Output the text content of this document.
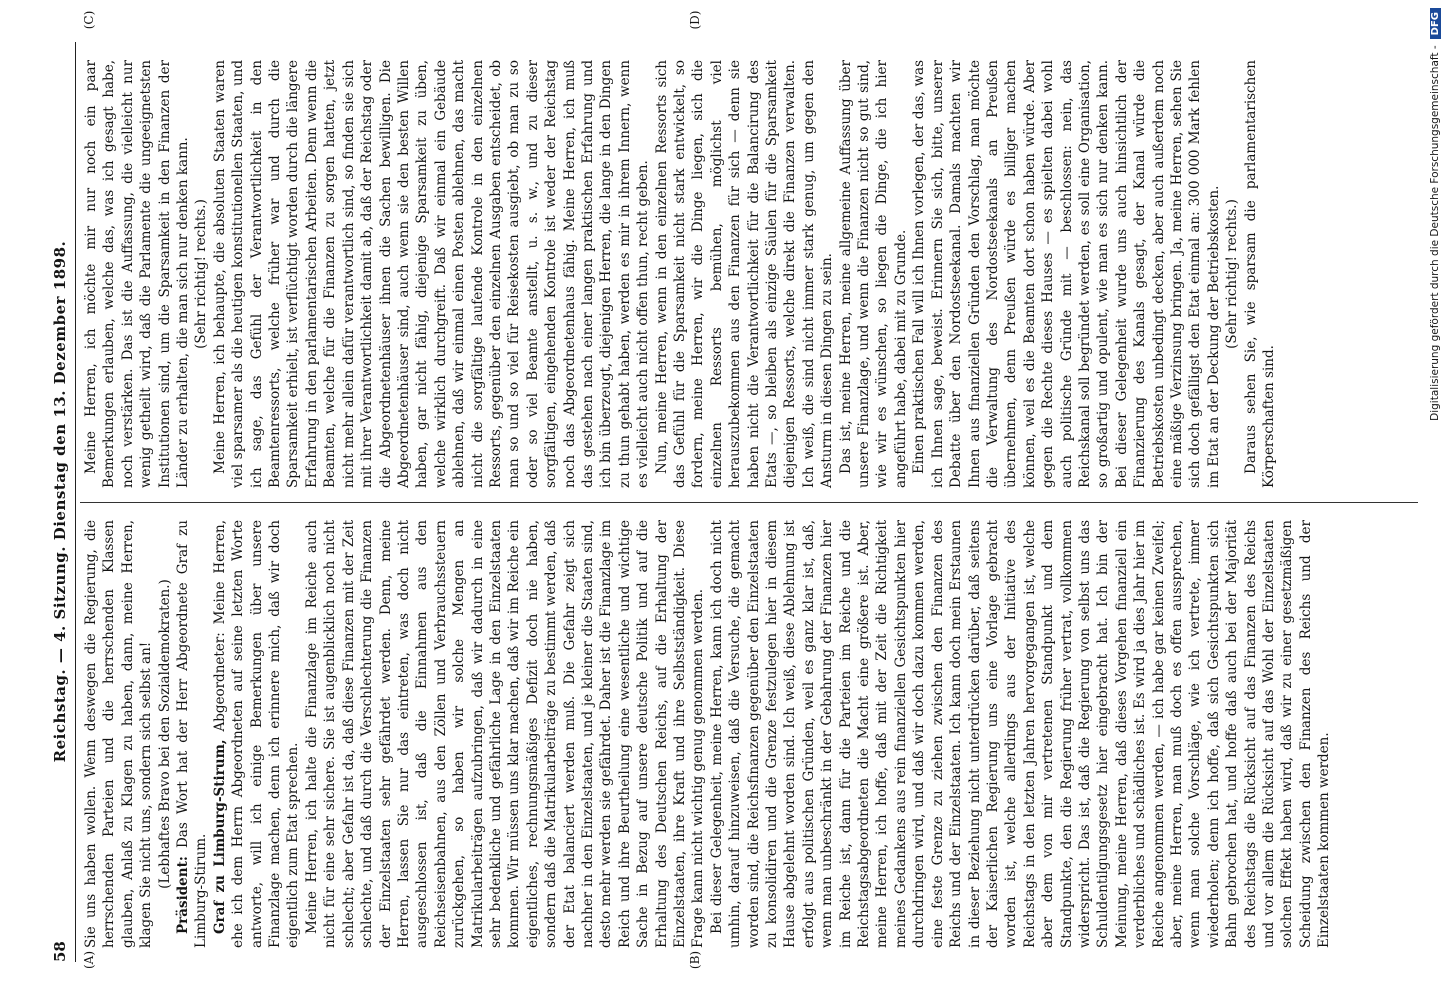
58
Reichstag. — 4. Sitzung. Dienstag den 13. Dezember 1898.
(A)	(B)
(C)	(D)

Sie uns haben wollen. Wenn deswegen die Regierung, die herrschenden Parteien und die herrschenden Klassen glauben, Anlaß zu Klagen zu haben, dann, meine Herren, klagen Sie nicht uns, sondern sich selbst an! (Lebhaftes Bravo bei den Sozialdemokraten.)

Präsident: Das Wort hat der Herr Abgeordnete Graf zu Limburg-Stirum. Graf zu Limburg-Stirum, Abgeordneter: Meine Herren, ehe ich dem Herrn Abgeordneten auf seine letzten Worte antworte, will ich einige Bemerkungen über unsere Finanzlage machen, denn ich erinnere mich, daß wir doch eigentlich zum Etat sprechen. Meine Herren, ich halte die Finanzlage im Reiche auch nicht für eine sehr sichere. Sie ist augenblicklich noch nicht schlecht; aber Gefahr ist da, daß diese Finanzen mit der Zeit schlechte, und daß durch die Verschlechterung die Finanzen der Einzelstaaten sehr gefährdet werden. Denn, meine Herren, lassen Sie nur das eintreten, was doch nicht ausgeschlossen ist, daß die Einnahmen aus den Reichseisenbahnen, aus den Zöllen und Verbrauchssteuern zurückgehen, so haben wir solche Mengen an Matrikularbeiträgen aufzubringen, daß wir dadurch in eine sehr bedenkliche und gefährliche Lage in den Einzelstaaten kommen. Wir müssen uns klar machen, daß wir im Reiche ein eigentliches, rechnungsmäßiges Defizit doch nie haben, sondern daß die Matrikularbeiträge zu bestimmt werden, daß der Etat balanciert werden muß. Die Gefahr zeigt sich nachher in den Einzelstaaten, und je kleiner die Staaten sind, desto mehr werden sie gefährdet. Daher ist die Finanzlage im Reich und ihre Beurtheilung eine wesentliche und wichtige Sache in Bezug auf unsere deutsche Politik und auf die Erhaltung des Deutschen Reichs, auf die Erhaltung der Einzelstaaten, ihre Kraft und ihre Selbstständigkeit. Diese Frage kann nicht wichtig genug genommen werden. Bei dieser Gelegenheit, meine Herren, kann ich doch nicht umhin, darauf hinzuweisen, daß die Versuche, die gemacht worden sind, die Reichsfinanzen gegenüber den Einzelstaaten zu konsolidiren und die Grenze festzulegen hier in diesem Hause abgelehnt worden sind. Ich weiß, diese Ablehnung ist erfolgt aus politischen Gründen, weil es ganz klar ist, daß, wenn man unbeschränkt in der Gebahrung der Finanzen hier im Reiche ist, dann für die Parteien im Reiche und die Reichstagsabgeordneten die Macht eine größere ist. Aber, meine Herren, ich hoffe, daß mit der Zeit die Richtigkeit meines Gedankens aus rein finanziellen Gesichtspunkten hier durchdringen wird, und daß wir doch dazu kommen werden, eine feste Grenze zu ziehen zwischen den Finanzen des Reichs und der Einzelstaaten. Ich kann doch mein Erstaunen in dieser Beziehung nicht unterdrücken darüber, daß seitens der Kaiserlichen Regierung uns eine Vorlage gebracht worden ist, welche allerdings aus der Initiative des Reichstags in den letzten Jahren hervorgegangen ist, welche aber dem von mir vertretenen Standpunkt und dem Standpunkte, den die Regierung früher vertrat, vollkommen widerspricht. Das ist, daß die Regierung von selbst uns das Schuldentilgungsgesetz hier eingebracht hat. Ich bin der Meinung, meine Herren, daß dieses Vorgehen finanziell ein verderbliches und schädliches ist. Es wird ja dies Jahr hier im Reiche angenommen werden, — ich habe gar keinen Zweifel; aber, meine Herren, man muß doch es offen aussprechen, wenn man solche Vorschläge, wie ich vertrete, immer wiederholen; denn ich hoffe, daß sich Gesichtspunkten sich Bahn gebrochen hat, und hoffe daß auch bei der Majorität des Reichstags die Rücksicht auf das Finanzen des Reichs und vor allem die Rücksicht auf das Wohl der Einzelstaaten solchen Effekt haben wird, daß wir zu einer gesetzmäßigen Scheidung zwischen den Finanzen des Reichs und der Einzelstaaten kommen werden.

Meine Herren, ich möchte mir nur noch ein paar Bemerkungen erlauben, welche das, was ich gesagt habe, noch verstärken. Das ist die Auffassung, die vielleicht nur wenig getheilt wird, daß die Parlamente die ungeeignetsten Institutionen sind, um die Sparsamkeit in den Finanzen der Länder zu erhalten, die man sich nur denken kann. (Sehr richtig! rechts.) Meine Herren, ich behaupte, die absoluten Staaten waren viel sparsamer als die heutigen konstitutionellen Staaten, und ich sage, das Gefühl der Verantwortlichkeit in den Beamtenressorts, welche früher war und durch die Sparsamkeit erhielt, ist verflüchtigt worden durch die längere Erfahrung in den parlamentarischen Arbeiten. Denn wenn die Beamten, welche für die Finanzen zu sorgen hatten, jetzt nicht mehr allein dafür verantwortlich sind, so finden sie sich mit ihrer Verantwortlichkeit damit ab, daß der Reichstag oder die Abgeordnetenhäuser ihnen die Sachen bewilligen. Die Abgeordnetenhäuser sind, auch wenn sie den besten Willen haben, gar nicht fähig, diejenige Sparsamkeit zu üben, welche wirklich durchgreift. Daß wir einmal ein Gebäude ablehnen, daß wir einmal einen Posten ablehnen, das macht nicht die sorgfältige laufende Kontrole in den einzelnen Ressorts, gegenüber den einzelnen Ausgaben entscheidet, ob man so und so viel für Reisekosten ausgiebt, ob man zu so oder so viel Beamte anstellt, u. s. w., und zu dieser sorgfältigen, eingehenden Kontrole ist weder der Reichstag noch das Abgeordnetenhaus fähig. Meine Herren, ich muß das gestehen nach einer langen praktischen Erfahrung und ich bin überzeugt, diejenigen Herren, die lange in den Dingen zu thun gehabt haben, werden es mir in ihrem Innern, wenn es vielleicht auch nicht offen thun, recht geben. Nun, meine Herren, wenn in den einzelnen Ressorts sich das Gefühl für die Sparsamkeit nicht stark entwickelt, so fordern, meine Herren, wir die Dinge liegen, sich die einzelnen Ressorts bemühen, möglichst viel herauszubekommen aus den Finanzen für sich — denn sie haben nicht die Verantwortlichkeit für die Balancirung des Etats —, so bleiben als einzige Säulen für die Sparsamkeit diejenigen Ressorts, welche direkt die Finanzen verwalten. Ich weiß, die sind nicht immer stark genug, um gegen den Ansturm in diesen Dingen zu sein. Das ist, meine Herren, meine allgemeine Auffassung über unsere Finanzlage, und wenn die Finanzen nicht so gut sind, wie wir es wünschen, so liegen die Dinge, die ich hier angeführt habe, dabei mit zu Grunde. Einen praktischen Fall will ich Ihnen vorlegen, der das, was ich Ihnen sage, beweist. Erinnern Sie sich, bitte, unserer Debatte über den Nordostseekanal. Damals machten wir Ihnen aus finanziellen Gründen den Vorschlag, man möchte die Verwaltung des Nordostseekanals an Preußen übernehmen, denn Preußen würde es billiger machen können, weil es die Beamten dort schon haben würde. Aber gegen die Rechte dieses Hauses — es spielten dabei wohl auch politische Gründe mit — beschlossen: nein, das Reichskanal soll begründet werden, es soll eine Organisation, so großartig und opulent, wie man es sich nur denken kann. Bei dieser Gelegenheit wurde uns auch hinsichtlich der Finanzierung des Kanals gesagt, der Kanal würde die Betriebskosten unbedingt decken, aber auch außerdem noch eine mäßige Verzinsung bringen. Ja, meine Herren, sehen Sie sich doch gefälligst den Etat einmal an: 300 000 Mark fehlen im Etat an der Deckung der Betriebskosten. (Sehr richtig! rechts.) Daraus sehen Sie, wie sparsam die parlamentarischen Körperschaften sind.	Digitalisierung gefördert durch die Deutsche Forschungsgemeinschaft -
DFG
